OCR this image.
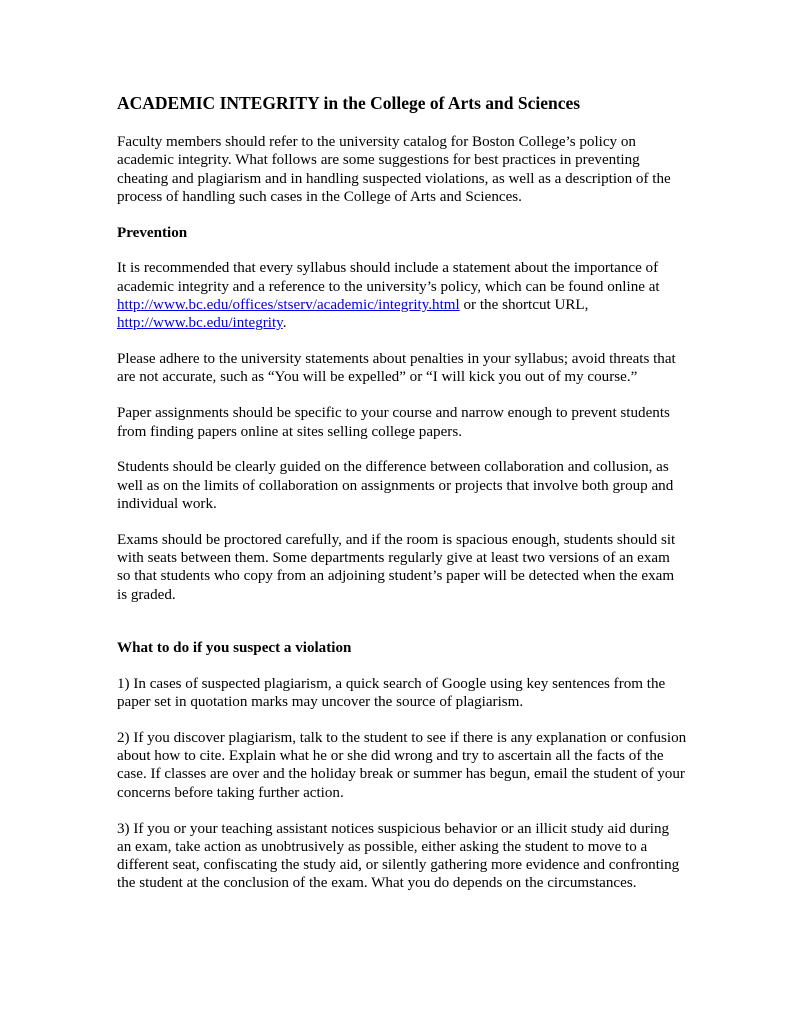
ACADEMIC INTEGRITY in the College of Arts and Sciences

Faculty members should refer to the university catalog for Boston College’s policy on academic integrity. What follows are some suggestions for best practices in preventing cheating and plagiarism and in handling suspected violations, as well as a description of the process of handling such cases in the College of Arts and Sciences.

Prevention

It is recommended that every syllabus should include a statement about the importance of academic integrity and a reference to the university’s policy, which can be found online at http://www.bc.edu/offices/stserv/academic/integrity.html or the shortcut URL, http://www.bc.edu/integrity.

Please adhere to the university statements about penalties in your syllabus; avoid threats that are not accurate, such as “You will be expelled” or “I will kick you out of my course.”

Paper assignments should be specific to your course and narrow enough to prevent students from finding papers online at sites selling college papers.

Students should be clearly guided on the difference between collaboration and collusion, as well as on the limits of collaboration on assignments or projects that involve both group and individual work.

Exams should be proctored carefully, and if the room is spacious enough, students should sit with seats between them. Some departments regularly give at least two versions of an exam so that students who copy from an adjoining student’s paper will be detected when the exam is graded.

What to do if you suspect a violation

1) In cases of suspected plagiarism, a quick search of Google using key sentences from the paper set in quotation marks may uncover the source of plagiarism.

2) If you discover plagiarism, talk to the student to see if there is any explanation or confusion about how to cite. Explain what he or she did wrong and try to ascertain all the facts of the case. If classes are over and the holiday break or summer has begun, email the student of your concerns before taking further action.

3) If you or your teaching assistant notices suspicious behavior or an illicit study aid during an exam, take action as unobtrusively as possible, either asking the student to move to a different seat, confiscating the study aid, or silently gathering more evidence and confronting the student at the conclusion of the exam. What you do depends on the circumstances.
